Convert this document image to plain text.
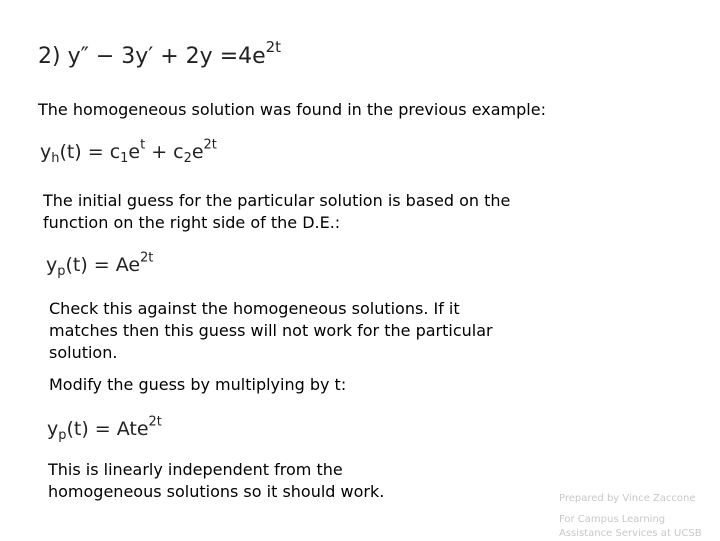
2) $y'' - 3y' + 2y =4e^{2t}$
The homogeneous solution was found in the previous example:
$y_h(t) = c_1e^t + c_2e^{2t}$
The initial guess for the particular solution is based on the function on the right side of the D.E.:
$y_p(t) = Ae^{2t}$
Check this against the homogeneous solutions. If it matches then this guess will not work for the particular solution.
Modify the guess by multiplying by t:
$y_p(t) = Ate^{2t}$
This is linearly independent from the homogeneous solutions so it should work.	Prepared by Vince Zaccone
For Campus Learning Assistance Services at UCSB
